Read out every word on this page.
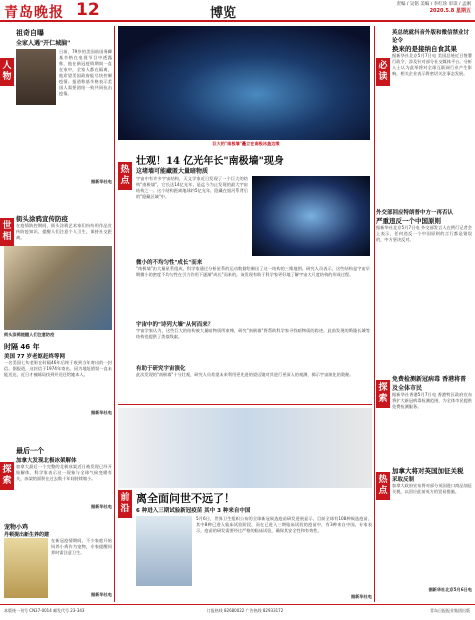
青岛晚报 12	博览
责编 / 吴铭 美编 / 李红珍 审读 / 孟刚
2020.5.8 星期五
人物
世相
探索
祖奇自曝
全家人遇"开仁城脑"
日前，79岁的美国前国务卿基辛格在电视节目中透露称，他在新冠疫情期间一直在家中，全家人都在隔离，他希望美国政府能尽快控制疫情。报道称基辛格表示美国人需要团结一致共同抗击疫情。
据新华社电
街头涂鸦宣传防疫
在疫情防控期间，街头涂鸦艺术家们纷纷用作品宣传防疫知识，提醒人们注意个人卫生，保持社交距离。
街头涂鸦提醒人们注意防疫
时隔 46 年
美国 77 岁老妪赶终等网
一名美国七旬老妪在时隔46年后终于收到当年寄出的一封信。据报道，这封信于1974年寄出，因为地址错误一直未能送达，近日才被邮局找到并送还给她本人。
据新华社电
最后一个
加拿大发现北极冰架解体
加拿大最后一个完整的北极冰架近日被发现已经开始解体，科学家表示这一现象与全球气候变暖有关，冰架的面积在过去数十年间持续缩小。
据新华社电
宠物小鸡
丹顿提出新生养的建
在新冠疫情期间，不少家庭开始饲养小鸡作为宠物，专家提醒饲养时需注意卫生。
据新华社电
巨大的"南极墙"矗立在南极冰盖边缘
热点
壮观！14 亿光年长"南极墙"现身
这堵墙可能藏匿大量暗物质
宇宙中有许多宇宙结构，天文学家近日发现了一个巨大的结构"南极墙"，它长达14亿光年，是迄今为止发现的最大宇宙结构之一。这个结构距离地球约5亿光年，隐藏在银河系背后的"隐藏区域"中。
微小的不均匀性"成长"而来
"南极墙"由大量星系组成，科学家通过分析星系的运动数据绘制出了这一结构的三维地图。研究人员表示，这些结构是宇宙早期微小的密度不均匀性在引力作用下逐渐"成长"而来的。该发现有助于科学家更好地了解宇宙大尺度结构的形成过程。
宇宙中的"诗列大墙"从何而来？
宇宙学家认为，这些巨大的结构被大量暗物质所束缚，研究"南极墙"将帮助科学家寻找暗物质的踪迹。此前发现的斯隆长城等结构也提供了类似线索。
有助于研究宇宙演化
此次发现的"南极墙"十分壮观，研究人员希望未来利用更先进的望远镜对其进行更深入的观测，揭示宇宙演化的奥秘。
前沿
离全面问世不远了！
6 种进入三期试验新冠疫苗 其中 3 种来自中国
5月6日，世界卫生组织公布的全球新冠候选疫苗研发进展显示，目前全球有108种候选疫苗，其中8种已进入临床试验阶段，而在已进入三期临床试验的疫苗中，有3种来自中国。专家表示，疫苗的研发需要经过严格的临床试验，确保其安全性和有效性。
据新华社电
必读
英总统就抖音外版和微信禁业讨论令
换来的是接纳自食其果
据新华社北京5月7日电 美国总统近日签署行政令，涉及针对部分社交媒体平台。分析人士认为此举将对全球互联网行业产生影响，相关企业表示将密切关注事态发展。
外交部回应特朗普中方一再否认
严重违反一个中国原则
据新华社北京5月7日电 外交部发言人在例行记者会上表示，任何违反一个中国原则的言行都是错误的，中方坚决反对。
探索
免费检测新冠病毒 香港将普及全体市民
据新华社香港5月7日电 香港特区政府宣布将扩大新冠病毒检测范围，为全体市民提供免费检测服务。
热点
加拿大将对英国加征关税
采取反制
加拿大政府宣布将对部分英国进口商品加征关税，以回应此前英方的贸易措施。
据新华社北京5月6日电
本版统一刊号 CN37-0014 邮发代号 23-343	订报热线 82680022 广告热线 82933172	青岛日报报业集团出版
